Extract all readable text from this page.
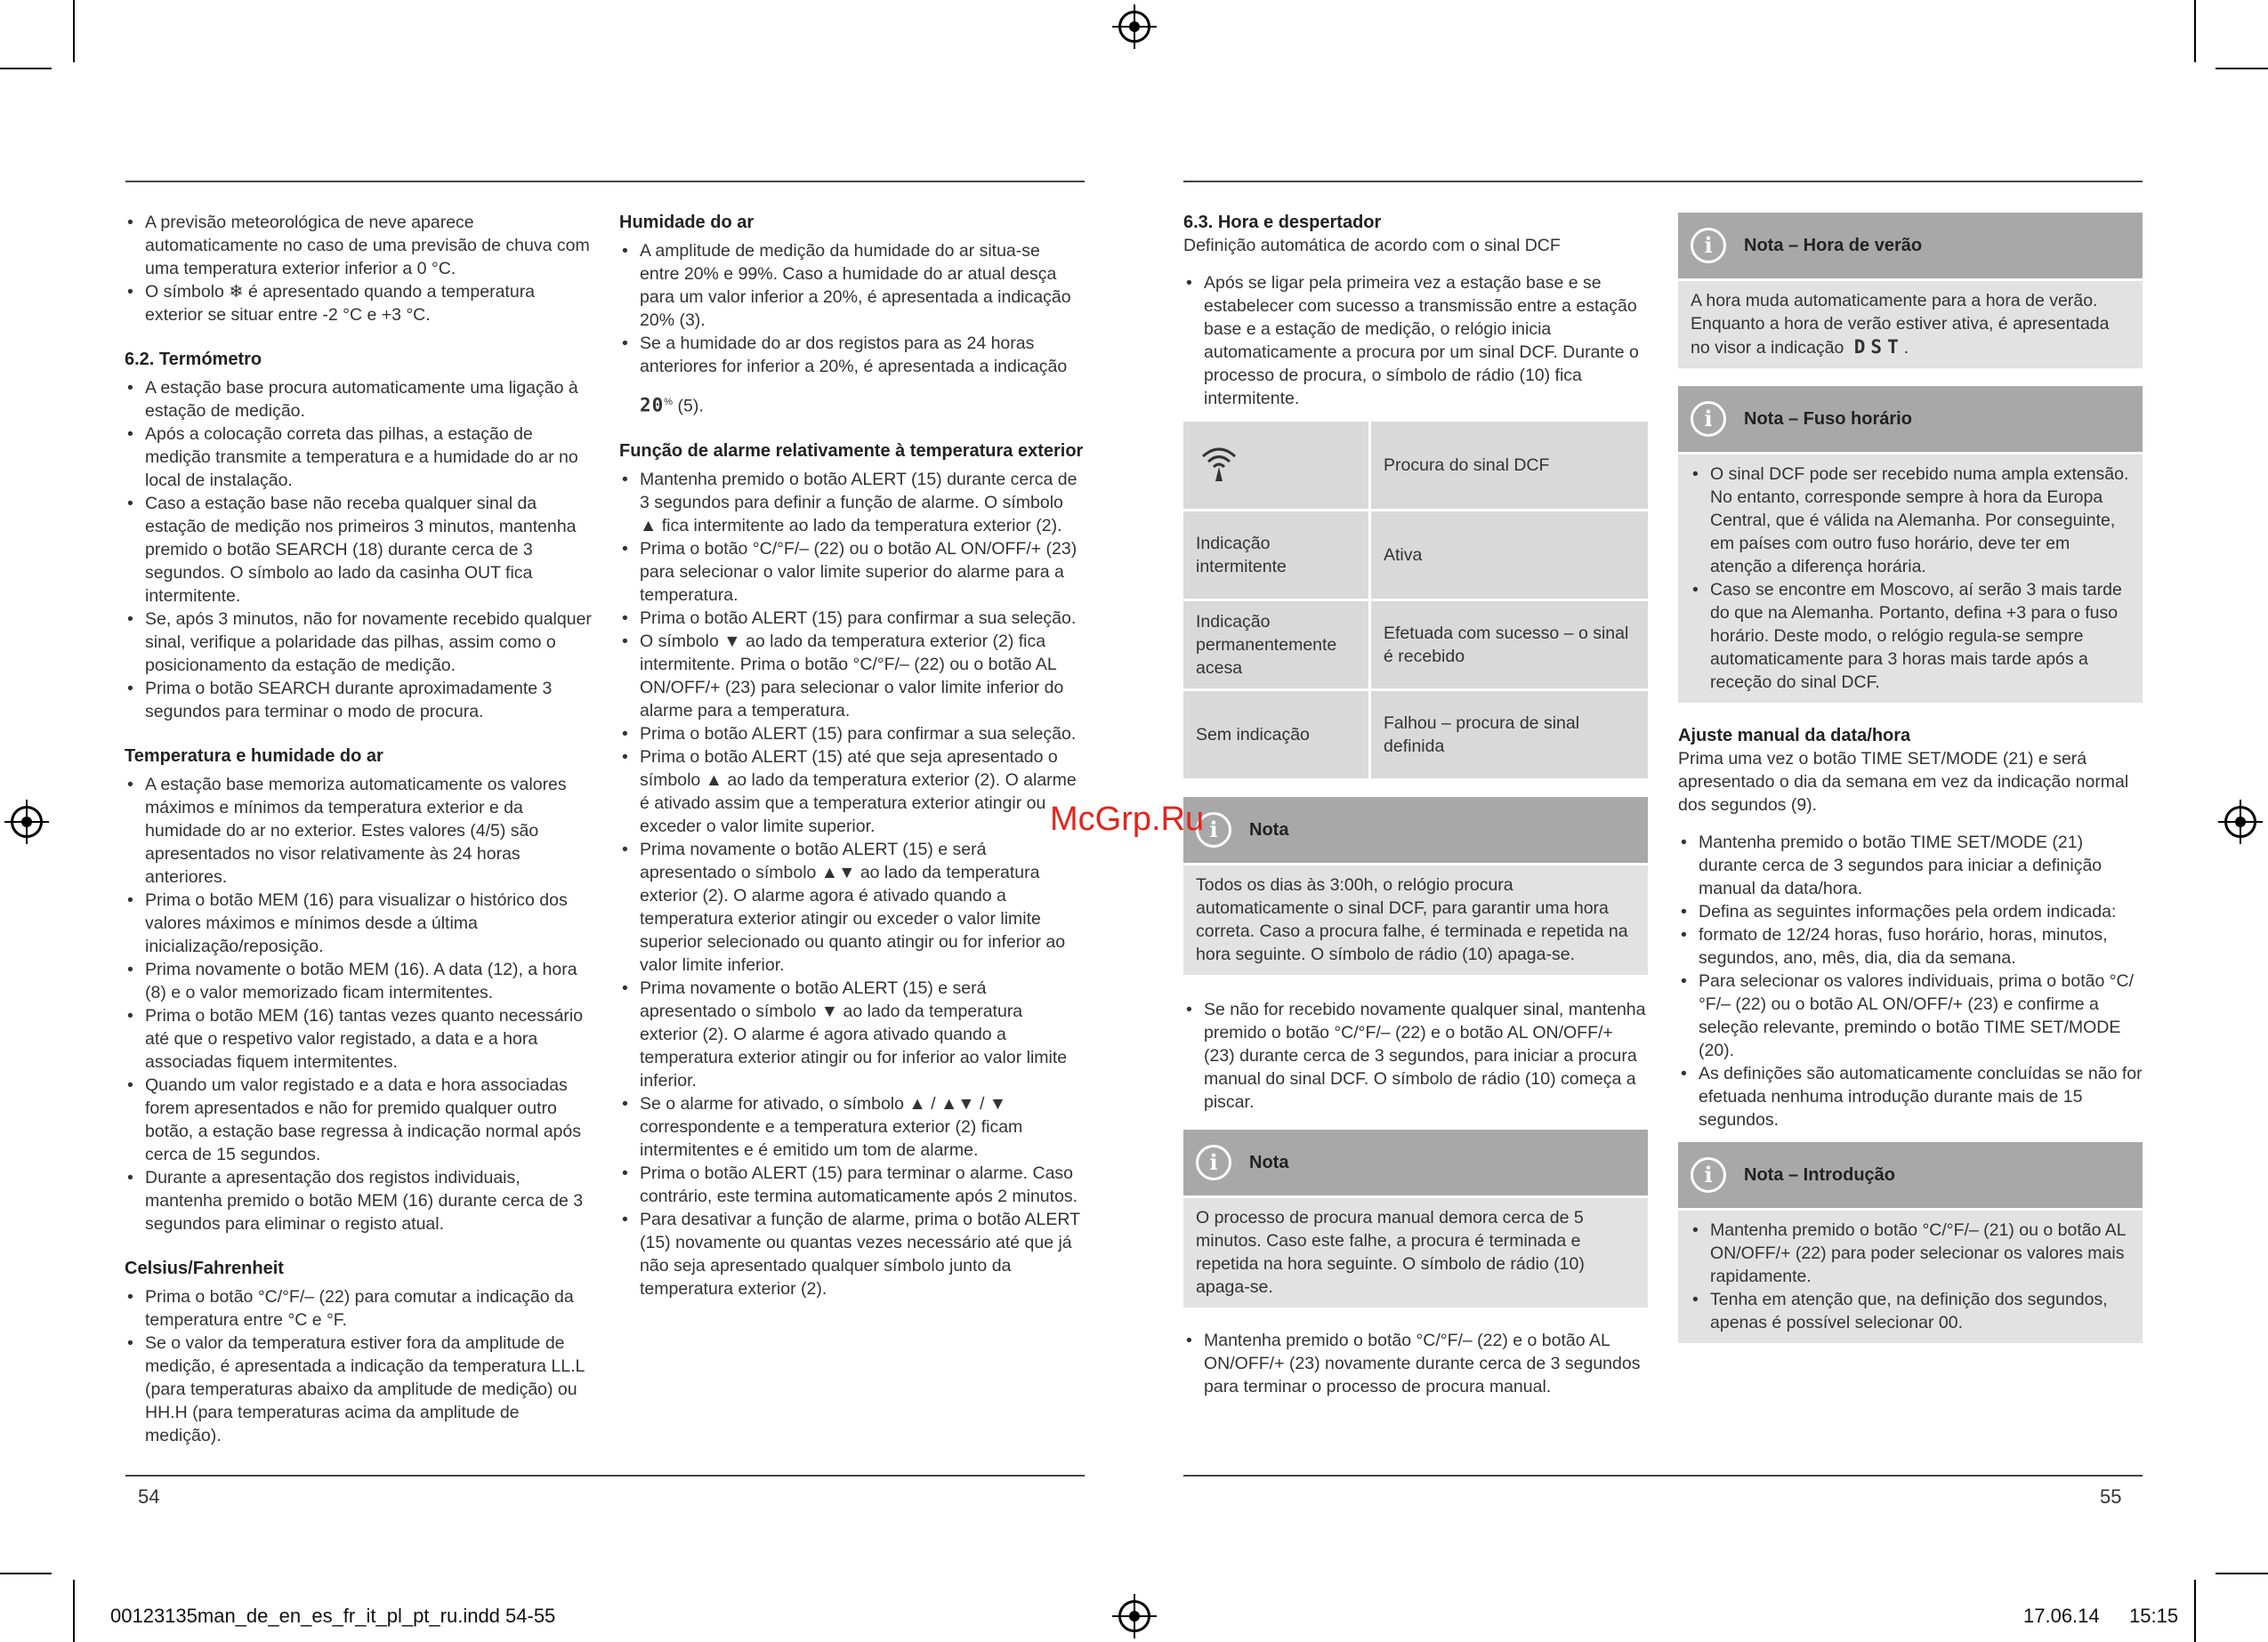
• A previsão meteorológica de neve aparece automaticamente no caso de uma previsão de chuva com uma temperatura exterior inferior a 0 °C.
• O símbolo ❄ é apresentado quando a temperatura exterior se situar entre -2 °C e +3 °C.
6.2. Termómetro
• A estação base procura automaticamente uma ligação à estação de medição.
• Após a colocação correta das pilhas, a estação de medição transmite a temperatura e a humidade do ar no local de instalação.
• Caso a estação base não receba qualquer sinal da estação de medição nos primeiros 3 minutos, mantenha premido o botão SEARCH (18) durante cerca de 3 segundos. O símbolo ao lado da casinha OUT fica intermitente.
• Se, após 3 minutos, não for novamente recebido qualquer sinal, verifique a polaridade das pilhas, assim como o posicionamento da estação de medição.
• Prima o botão SEARCH durante aproximadamente 3 segundos para terminar o modo de procura.
Temperatura e humidade do ar
• A estação base memoriza automaticamente os valores máximos e mínimos da temperatura exterior e da humidade do ar no exterior. Estes valores (4/5) são apresentados no visor relativamente às 24 horas anteriores.
• Prima o botão MEM (16) para visualizar o histórico dos valores máximos e mínimos desde a última inicialização/reposição.
• Prima novamente o botão MEM (16). A data (12), a hora (8) e o valor memorizado ficam intermitentes.
• Prima o botão MEM (16) tantas vezes quanto necessário até que o respetivo valor registado, a data e a hora associadas fiquem intermitentes.
• Quando um valor registado e a data e hora associadas forem apresentados e não for premido qualquer outro botão, a estação base regressa à indicação normal após cerca de 15 segundos.
• Durante a apresentação dos registos individuais, mantenha premido o botão MEM (16) durante cerca de 3 segundos para eliminar o registo atual.
Celsius/Fahrenheit
• Prima o botão °C/°F/– (22) para comutar a indicação da temperatura entre °C e °F.
• Se o valor da temperatura estiver fora da amplitude de medição, é apresentada a indicação da temperatura LL.L (para temperaturas abaixo da amplitude de medição) ou HH.H (para temperaturas acima da amplitude de medição).
Humidade do ar
• A amplitude de medição da humidade do ar situa-se entre 20% e 99%. Caso a humidade do ar atual desça para um valor inferior a 20%, é apresentada a indicação 20% (3).
• Se a humidade do ar dos registos para as 24 horas anteriores for inferior a 20%, é apresentada a indicação

20% (5).

Função de alarme relativamente à temperatura exterior
• Mantenha premido o botão ALERT (15) durante cerca de 3 segundos para definir a função de alarme. O símbolo ▲ fica intermitente ao lado da temperatura exterior (2).
• Prima o botão °C/°F/– (22) ou o botão AL ON/OFF/+ (23) para selecionar o valor limite superior do alarme para a temperatura.
• Prima o botão ALERT (15) para confirmar a sua seleção.
• O símbolo ▼ ao lado da temperatura exterior (2) fica intermitente. Prima o botão °C/°F/– (22) ou o botão AL ON/OFF/+ (23) para selecionar o valor limite inferior do alarme para a temperatura.
• Prima o botão ALERT (15) para confirmar a sua seleção.
• Prima o botão ALERT (15) até que seja apresentado o símbolo ▲ ao lado da temperatura exterior (2). O alarme é ativado assim que a temperatura exterior atingir ou exceder o valor limite superior.
• Prima novamente o botão ALERT (15) e será apresentado o símbolo ▲▼ ao lado da temperatura exterior (2). O alarme agora é ativado quando a temperatura exterior atingir ou exceder o valor limite superior selecionado ou quanto atingir ou for inferior ao valor limite inferior.
• Prima novamente o botão ALERT (15) e será apresentado o símbolo ▼ ao lado da temperatura exterior (2). O alarme é agora ativado quando a temperatura exterior atingir ou for inferior ao valor limite inferior.
• Se o alarme for ativado, o símbolo ▲ / ▲▼ / ▼ correspondente e a temperatura exterior (2) ficam intermitentes e é emitido um tom de alarme.
• Prima o botão ALERT (15) para terminar o alarme. Caso contrário, este termina automaticamente após 2 minutos.
• Para desativar a função de alarme, prima o botão ALERT (15) novamente ou quantas vezes necessário até que já não seja apresentado qualquer símbolo junto da temperatura exterior (2).
54
6.3. Hora e despertador

Definição automática de acordo com o sinal DCF

• Após se ligar pela primeira vez a estação base e se estabelecer com sucesso a transmissão entre a estação base e a estação de medição, o relógio inicia automaticamente a procura por um sinal DCF. Durante o processo de procura, o símbolo de rádio (10) fica intermitente.
	Procura do sinal DCF
Indicação intermitente	Ativa
Indicação permanentemente acesa	Efetuada com sucesso – o sinal é recebido
Sem indicação	Falhou – procura de sinal definida
i	Nota
Todos os dias às 3:00h, o relógio procura automaticamente o sinal DCF, para garantir uma hora correta. Caso a procura falhe, é terminada e repetida na hora seguinte. O símbolo de rádio (10) apaga-se.
• Se não for recebido novamente qualquer sinal, mantenha premido o botão °C/°F/– (22) e o botão AL ON/OFF/+ (23) durante cerca de 3 segundos, para iniciar a procura manual do sinal DCF. O símbolo de rádio (10) começa a piscar.
i	Nota
O processo de procura manual demora cerca de 5 minutos. Caso este falhe, a procura é terminada e repetida na hora seguinte. O símbolo de rádio (10) apaga-se.
• Mantenha premido o botão °C/°F/– (22) e o botão AL ON/OFF/+ (23) novamente durante cerca de 3 segundos para terminar o processo de procura manual.
i	Nota – Hora de verão
A hora muda automaticamente para a hora de verão. Enquanto a hora de verão estiver ativa, é apresentada no visor a indicação DST.
i	Nota – Fuso horário
• O sinal DCF pode ser recebido numa ampla extensão. No entanto, corresponde sempre à hora da Europa Central, que é válida na Alemanha. Por conseguinte, em países com outro fuso horário, deve ter em atenção a diferença horária.
• Caso se encontre em Moscovo, aí serão 3 mais tarde do que na Alemanha. Portanto, defina +3 para o fuso horário. Deste modo, o relógio regula-se sempre automaticamente para 3 horas mais tarde após a receção do sinal DCF.
Ajuste manual da data/hora

Prima uma vez o botão TIME SET/MODE (21) e será apresentado o dia da semana em vez da indicação normal dos segundos (9).

• Mantenha premido o botão TIME SET/MODE (21) durante cerca de 3 segundos para iniciar a definição manual da data/hora.
• Defina as seguintes informações pela ordem indicada:
• formato de 12/24 horas, fuso horário, horas, minutos, segundos, ano, mês, dia, dia da semana.
• Para selecionar os valores individuais, prima o botão °C/°F/– (22) ou o botão AL ON/OFF/+ (23) e confirme a seleção relevante, premindo o botão TIME SET/MODE (20).
• As definições são automaticamente concluídas se não for efetuada nenhuma introdução durante mais de 15 segundos.
i	Nota – Introdução
• Mantenha premido o botão °C/°F/– (21) ou o botão AL ON/OFF/+ (22) para poder selecionar os valores mais rapidamente.
• Tenha em atenção que, na definição dos segundos, apenas é possível selecionar 00.
55
McGrp.Ru
00123135man_de_en_es_fr_it_pl_pt_ru.indd 54-55	17.06.14 15:15
